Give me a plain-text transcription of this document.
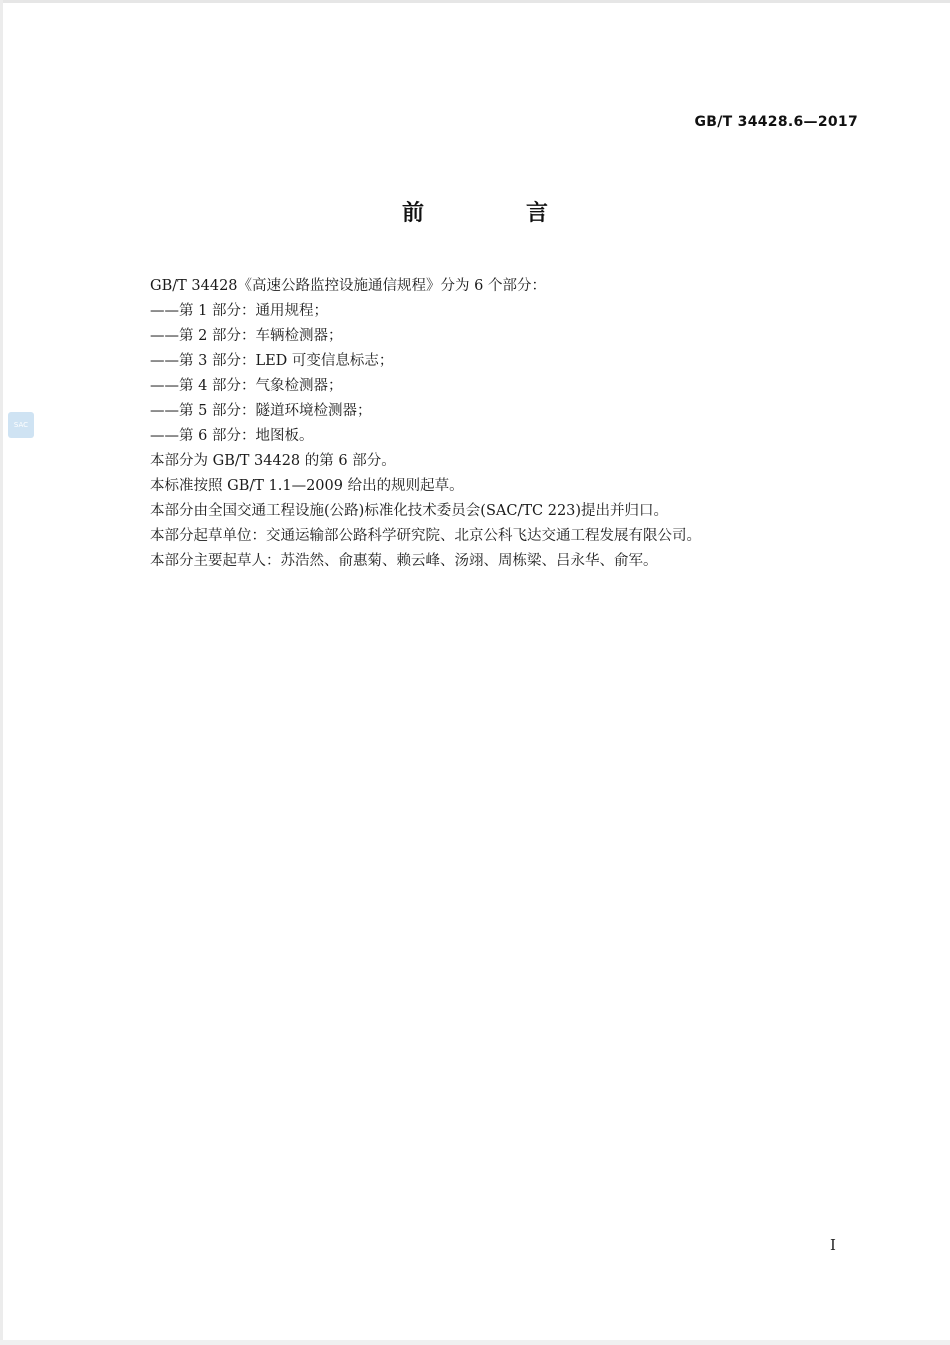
SAC
GB/T 34428.6—2017
前　言

GB/T 34428《高速公路监控设施通信规程》分为 6 个部分：

——第 1 部分：通用规程；

——第 2 部分：车辆检测器；

——第 3 部分：LED 可变信息标志；

——第 4 部分：气象检测器；

——第 5 部分：隧道环境检测器；

——第 6 部分：地图板。

本部分为 GB/T 34428 的第 6 部分。

本标准按照 GB/T 1.1—2009 给出的规则起草。

本部分由全国交通工程设施(公路)标准化技术委员会(SAC/TC 223)提出并归口。

本部分起草单位：交通运输部公路科学研究院、北京公科飞达交通工程发展有限公司。

本部分主要起草人：苏浩然、俞惠菊、赖云峰、汤翊、周栋梁、吕永华、俞军。

I
